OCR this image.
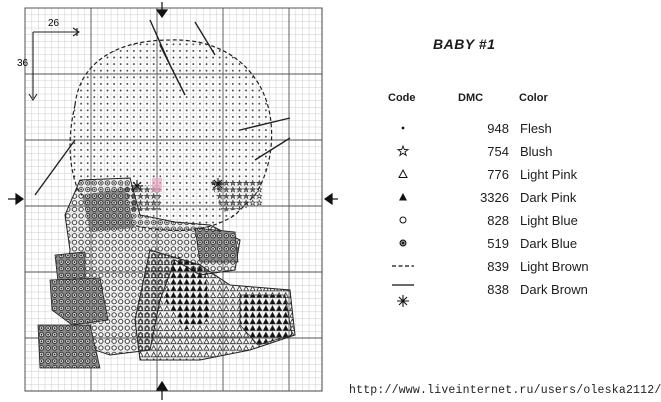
26
36
BABY #1
Code	DMC	Color
948 Flesh
754 Blush
776 Light Pink
3326 Dark Pink
828 Light Blue
519 Dark Blue
839 Light Brown
838 Dark Brown
http://www.liveinternet.ru/users/oleska2112/
